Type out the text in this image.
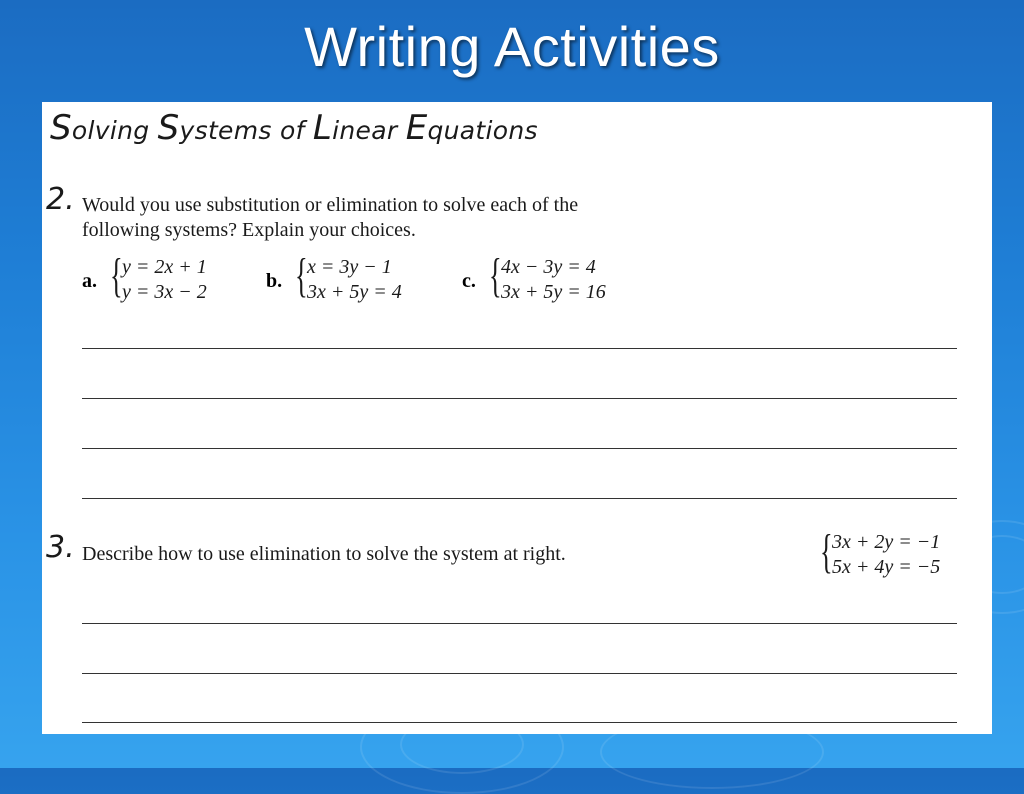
Writing Activities
Solving Systems of Linear Equations
2. Would you use substitution or elimination to solve each of the
following systems? Explain your choices.
a. { y = 2x + 1
y = 3x − 2	b. { x = 3y − 1
3x + 5y = 4	c. { 4x − 3y = 4
3x + 5y = 16
3. Describe how to use elimination to solve the system at right.	{ 3x + 2y = −1
5x + 4y = −5
